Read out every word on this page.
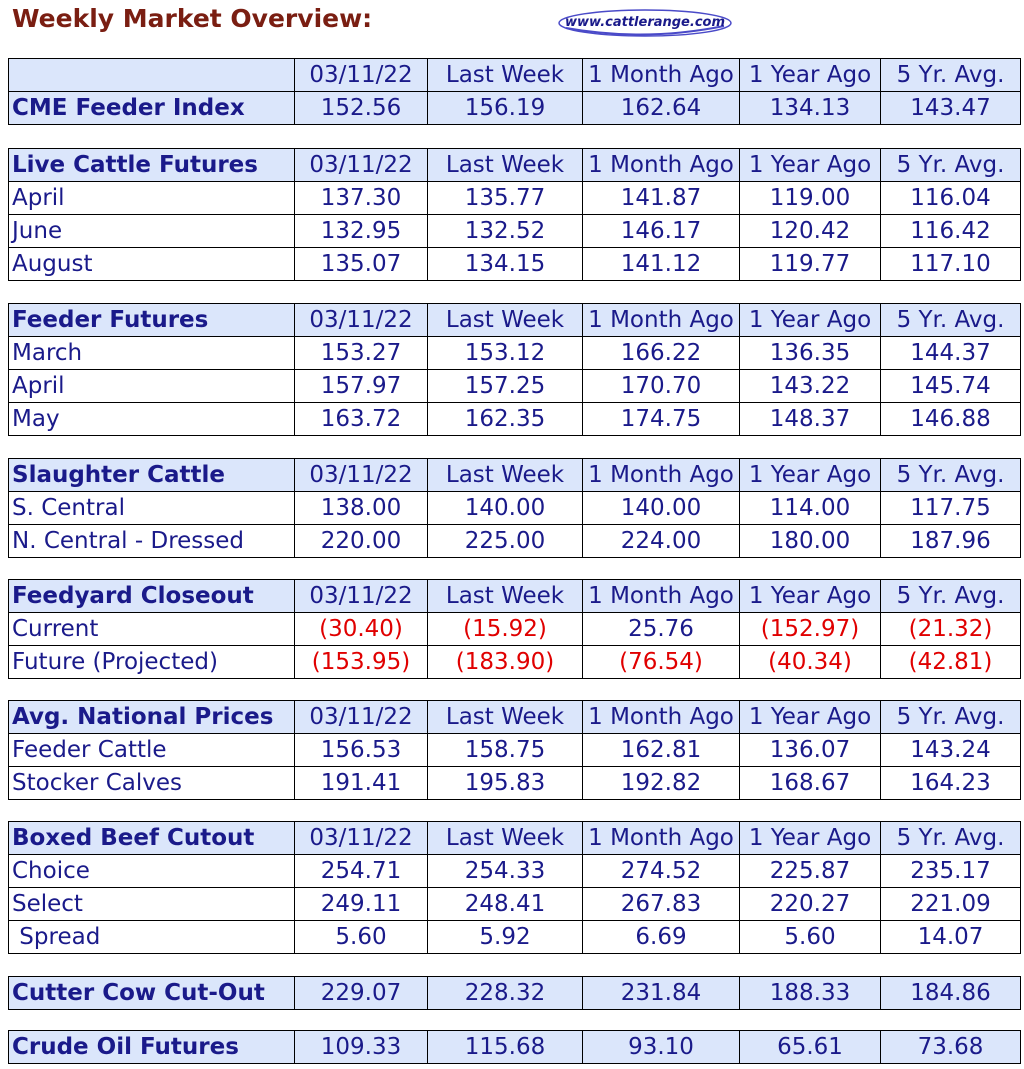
Weekly Market Overview:	www.cattlerange.com
	03/11/22	Last Week	1 Month Ago	1 Year Ago	5 Yr. Avg.
CME Feeder Index	152.56	156.19	162.64	134.13	143.47
Live Cattle Futures	03/11/22	Last Week	1 Month Ago	1 Year Ago	5 Yr. Avg.
April	137.30	135.77	141.87	119.00	116.04
June	132.95	132.52	146.17	120.42	116.42
August	135.07	134.15	141.12	119.77	117.10
Feeder Futures	03/11/22	Last Week	1 Month Ago	1 Year Ago	5 Yr. Avg.
March	153.27	153.12	166.22	136.35	144.37
April	157.97	157.25	170.70	143.22	145.74
May	163.72	162.35	174.75	148.37	146.88
Slaughter Cattle	03/11/22	Last Week	1 Month Ago	1 Year Ago	5 Yr. Avg.
S. Central	138.00	140.00	140.00	114.00	117.75
N. Central - Dressed	220.00	225.00	224.00	180.00	187.96
Feedyard Closeout	03/11/22	Last Week	1 Month Ago	1 Year Ago	5 Yr. Avg.
Current	(30.40)	(15.92)	25.76	(152.97)	(21.32)
Future (Projected)	(153.95)	(183.90)	(76.54)	(40.34)	(42.81)
Avg. National Prices	03/11/22	Last Week	1 Month Ago	1 Year Ago	5 Yr. Avg.
Feeder Cattle	156.53	158.75	162.81	136.07	143.24
Stocker Calves	191.41	195.83	192.82	168.67	164.23
Boxed Beef Cutout	03/11/22	Last Week	1 Month Ago	1 Year Ago	5 Yr. Avg.
Choice	254.71	254.33	274.52	225.87	235.17
Select	249.11	248.41	267.83	220.27	221.09
Spread	5.60	5.92	6.69	5.60	14.07
Cutter Cow Cut-Out	229.07	228.32	231.84	188.33	184.86
Crude Oil Futures	109.33	115.68	93.10	65.61	73.68
